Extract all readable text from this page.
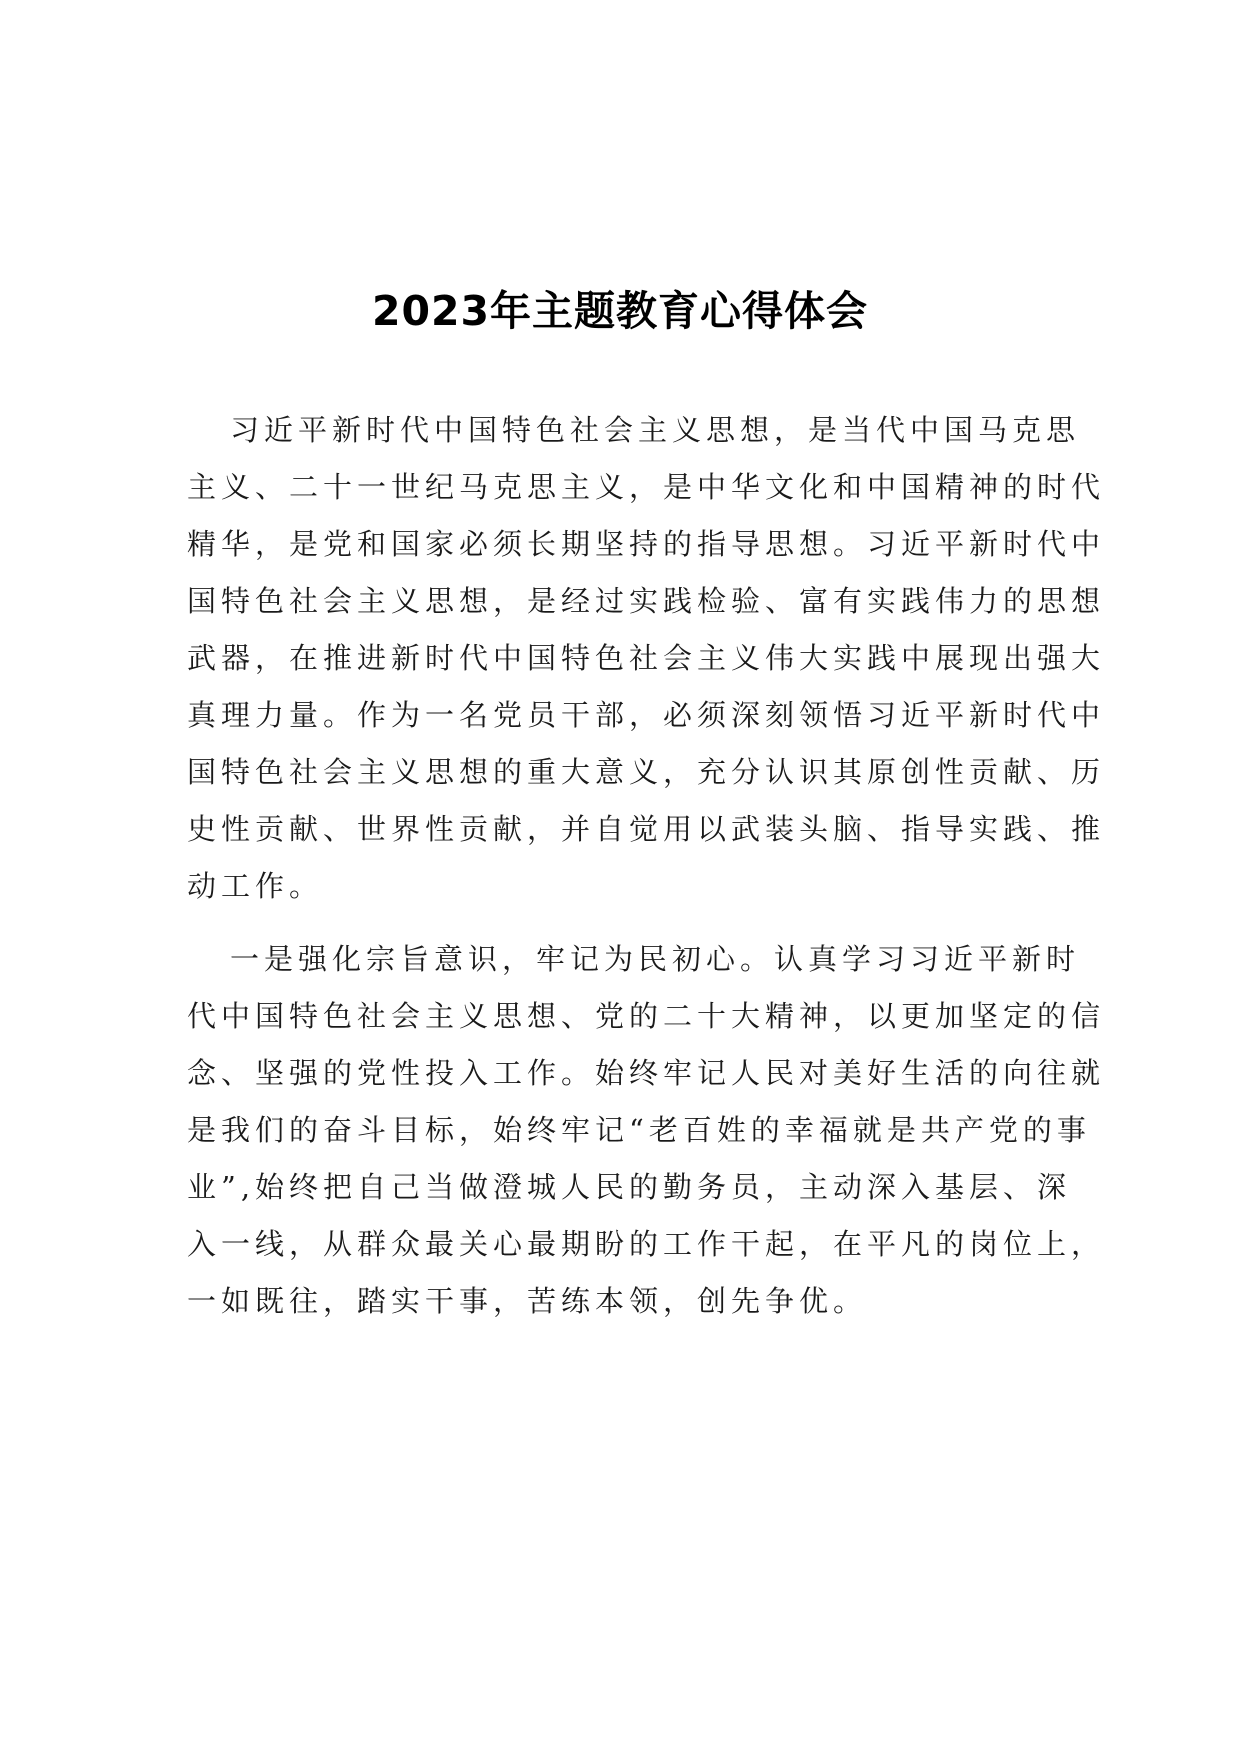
2023年主题教育心得体会
习近平新时代中国特色社会主义思想，是当代中国马克思
主义、二十一世纪马克思主义，是中华文化和中国精神的时代
精华，是党和国家必须长期坚持的指导思想。习近平新时代中
国特色社会主义思想，是经过实践检验、富有实践伟力的思想
武器，在推进新时代中国特色社会主义伟大实践中展现出强大
真理力量。作为一名党员干部，必须深刻领悟习近平新时代中
国特色社会主义思想的重大意义，充分认识其原创性贡献、历
史性贡献、世界性贡献，并自觉用以武装头脑、指导实践、推
动工作。
一是强化宗旨意识，牢记为民初心。认真学习习近平新时
代中国特色社会主义思想、党的二十大精神，以更加坚定的信
念、坚强的党性投入工作。始终牢记人民对美好生活的向往就
是我们的奋斗目标，始终牢记“老百姓的幸福就是共产党的事
业”,始终把自己当做澄城人民的勤务员，主动深入基层、深
入一线，从群众最关心最期盼的工作干起，在平凡的岗位上，
一如既往，踏实干事，苦练本领，创先争优。
